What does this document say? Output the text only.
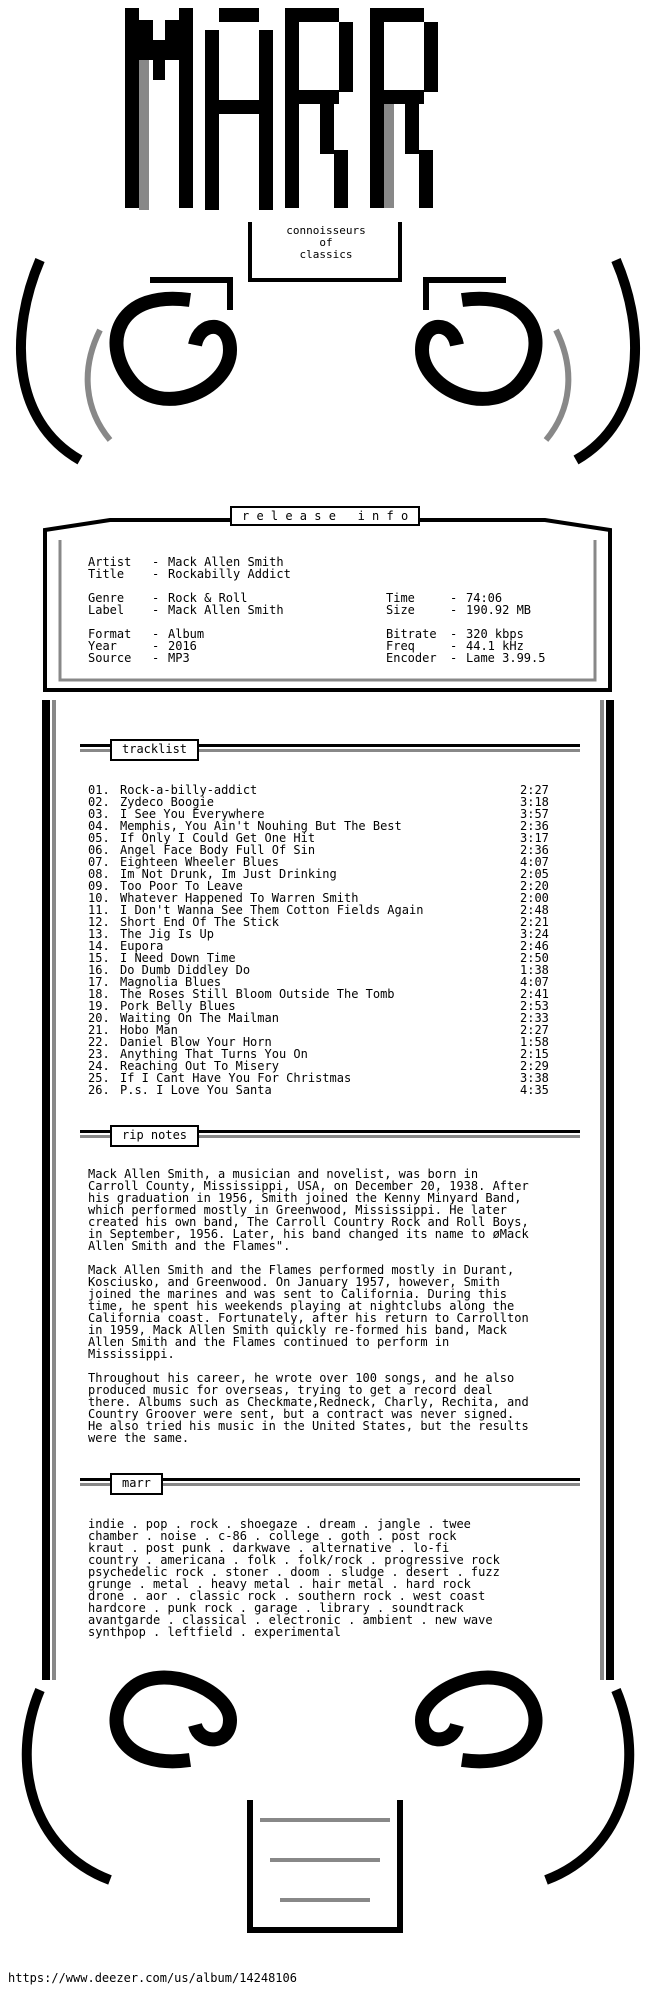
connoisseurs
of
classics
r e l e a s e   i n f o
Artist - Mack Allen Smith
Title - Rockabilly Addict
Genre - Rock & Roll
Label - Mack Allen Smith
Format - Album
Year	- 2016
Source - MP3
Time	- 74:06
Size	- 190.92 MB
Bitrate - 320 kbps
Freq	- 44.1 kHz
Encoder - Lame 3.99.5
tracklist
01. Rock-a-billy-addict	2:27
02. Zydeco Boogie	3:18
03. I See You Everywhere	3:57
04. Memphis, You Ain't Nouhing But The Best	2:36
05. If Only I Could Get One Hit	3:17
06. Angel Face Body Full Of Sin	2:36
07. Eighteen Wheeler Blues	4:07
08. Im Not Drunk, Im Just Drinking	2:05
09. Too Poor To Leave	2:20
10. Whatever Happened To Warren Smith	2:00
11. I Don't Wanna See Them Cotton Fields Again	2:48
12. Short End Of The Stick	2:21
13. The Jig Is Up	3:24
14. Eupora	2:46
15. I Need Down Time	2:50
16. Do Dumb Diddley Do	1:38
17. Magnolia Blues	4:07
18. The Roses Still Bloom Outside The Tomb	2:41
19. Pork Belly Blues	2:53
20. Waiting On The Mailman	2:33
21. Hobo Man	2:27
22. Daniel Blow Your Horn	1:58
23. Anything That Turns You On	2:15
24. Reaching Out To Misery	2:29
25. If I Cant Have You For Christmas	3:38
26. P.s. I Love You Santa	4:35
rip notes
Mack Allen Smith, a musician and novelist, was born in
Carroll County, Mississippi, USA, on December 20, 1938. After
his graduation in 1956, Smith joined the Kenny Minyard Band,
which performed mostly in Greenwood, Mississippi. He later
created his own band, The Carroll Country Rock and Roll Boys,
in September, 1956. Later, his band changed its name to øMack
Allen Smith and the Flames".
Mack Allen Smith and the Flames performed mostly in Durant,
Kosciusko, and Greenwood. On January 1957, however, Smith
joined the marines and was sent to California. During this
time, he spent his weekends playing at nightclubs along the
California coast. Fortunately, after his return to Carrollton
in 1959, Mack Allen Smith quickly re-formed his band, Mack
Allen Smith and the Flames continued to perform in
Mississippi.
Throughout his career, he wrote over 100 songs, and he also
produced music for overseas, trying to get a record deal
there. Albums such as Checkmate,Redneck, Charly, Rechita, and
Country Groover were sent, but a contract was never signed.
He also tried his music in the United States, but the results
were the same.
marr
indie . pop . rock . shoegaze . dream . jangle . twee
chamber . noise . c-86 . college . goth . post rock
kraut . post punk . darkwave . alternative . lo-fi
country . americana . folk . folk/rock . progressive rock
psychedelic rock . stoner . doom . sludge . desert . fuzz
grunge . metal . heavy metal . hair metal . hard rock
drone . aor . classic rock . southern rock . west coast
hardcore . punk rock . garage . library . soundtrack
avantgarde . classical . electronic . ambient . new wave
synthpop . leftfield . experimental
https://www.deezer.com/us/album/14248106
